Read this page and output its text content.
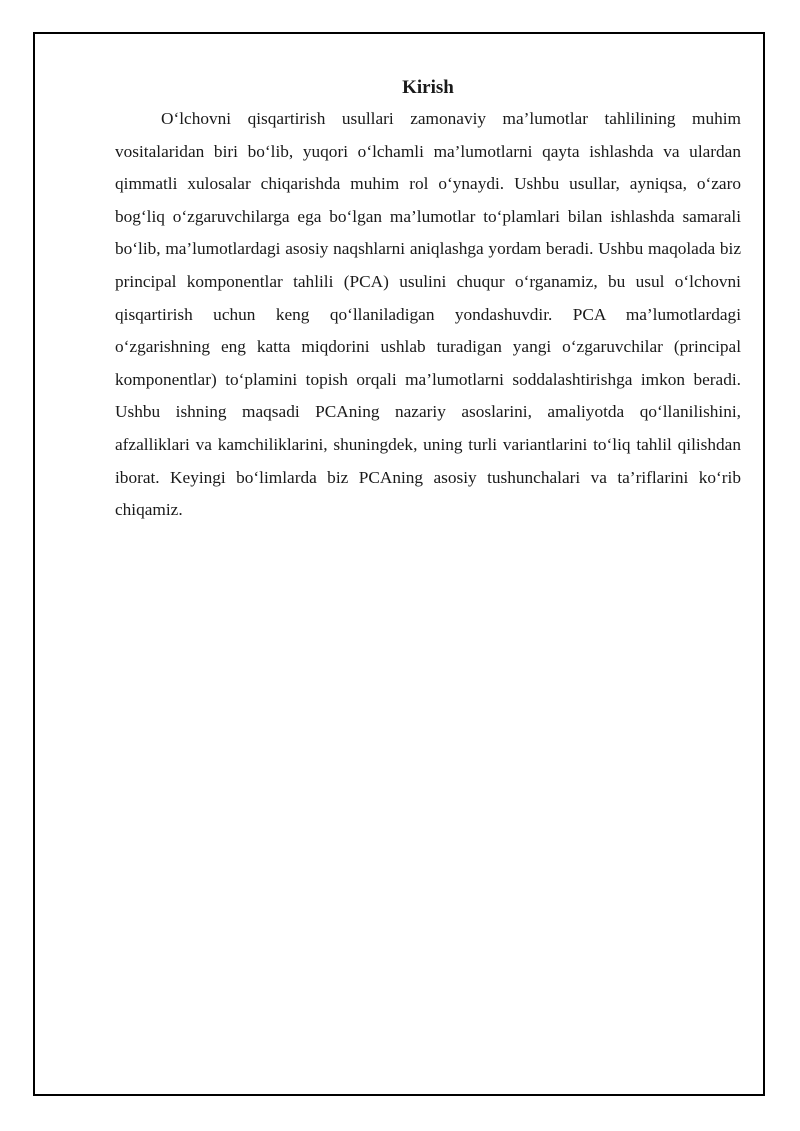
Kirish

O‘lchovni qisqartirish usullari zamonaviy ma’lumotlar tahlilining muhim vositalaridan biri bo‘lib, yuqori o‘lchamli ma’lumotlarni qayta ishlashda va ulardan qimmatli xulosalar chiqarishda muhim rol o‘ynaydi. Ushbu usullar, ayniqsa, o‘zaro bog‘liq o‘zgaruvchilarga ega bo‘lgan ma’lumotlar to‘plamlari bilan ishlashda samarali bo‘lib, ma’lumotlardagi asosiy naqshlarni aniqlashga yordam beradi. Ushbu maqolada biz principal komponentlar tahlili (PCA) usulini chuqur o‘rganamiz, bu usul o‘lchovni qisqartirish uchun keng qo‘llaniladigan yondashuvdir. PCA ma’lumotlardagi o‘zgarishning eng katta miqdorini ushlab turadigan yangi o‘zgaruvchilar (principal komponentlar) to‘plamini topish orqali ma’lumotlarni soddalashtirishga imkon beradi. Ushbu ishning maqsadi PCAning nazariy asoslarini, amaliyotda qo‘llanilishini, afzalliklari va kamchiliklarini, shuningdek, uning turli variantlarini to‘liq tahlil qilishdan iborat. Keyingi bo‘limlarda biz PCAning asosiy tushunchalari va ta’riflarini ko‘rib chiqamiz.
